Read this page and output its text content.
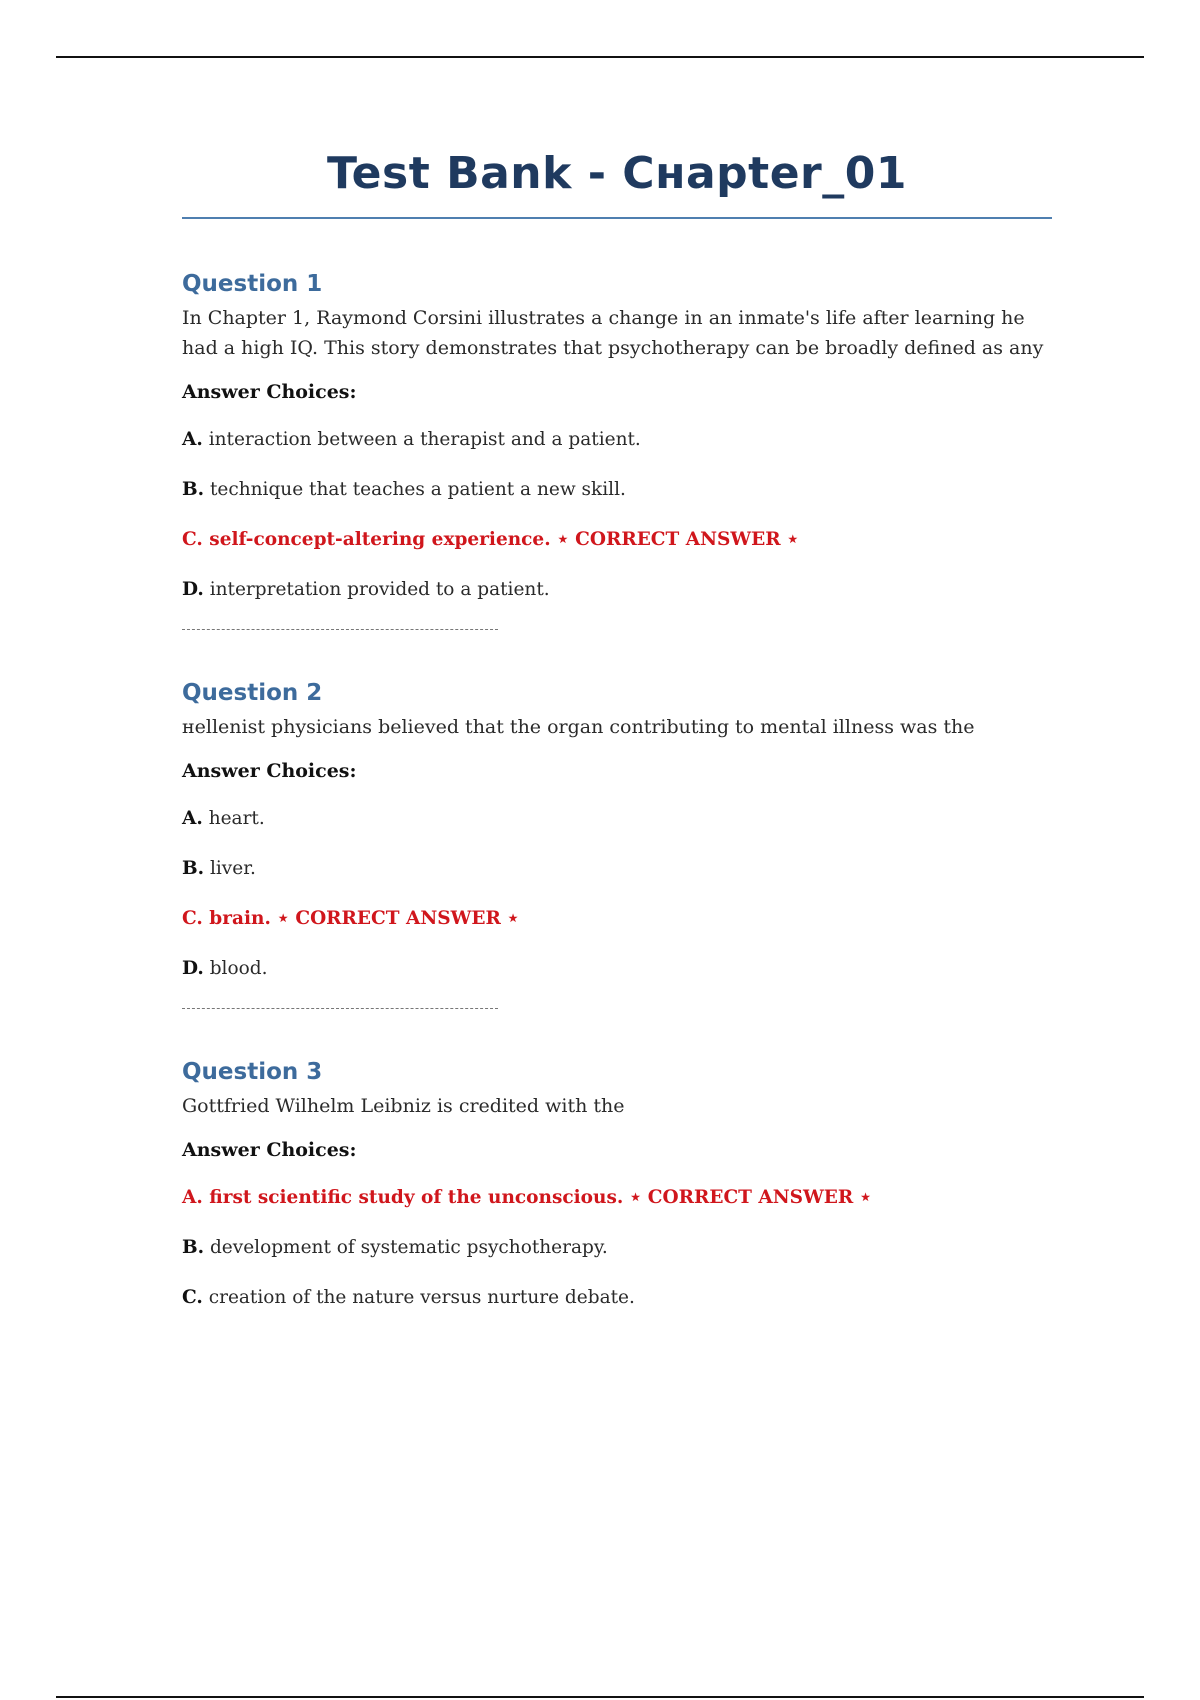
Test Bank - Cнapter_01
Question 1

In Chapter 1, Raymond Corsini illustrates a change in an inmate's life after learning he had a high IQ. This story demonstrates that psychotherapy can be broadly defined as any

Answer Choices:

A. interaction between a therapist and a patient.

B. technique that teaches a patient a new skill.

C. self-concept-altering experience. ⋆ CORRECT ANSWER ⋆

D. interpretation provided to a patient.

Question 2

нellenist physicians believed that the organ contributing to mental illness was the

Answer Choices:

A. heart.

B. liver.

C. brain. ⋆ CORRECT ANSWER ⋆

D. blood.

Question 3

Gottfried Wilhelm Leibniz is credited with the

Answer Choices:

A. first scientific study of the unconscious. ⋆ CORRECT ANSWER ⋆

B. development of systematic psychotherapy.

C. creation of the nature versus nurture debate.
